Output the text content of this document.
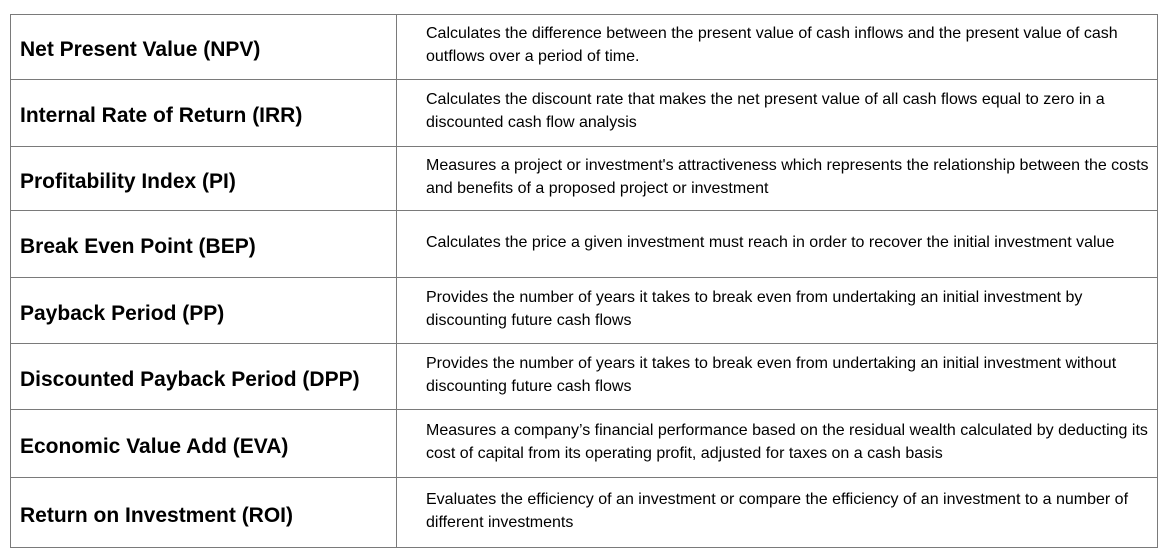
Net Present Value (NPV)	Calculates the difference between the present value of cash inflows and the present value of cash outflows over a period of time.
Internal Rate of Return (IRR)	Calculates the discount rate that makes the net present value of all cash flows equal to zero in a discounted cash flow analysis
Profitability Index (PI)	Measures a project or investment's attractiveness which represents the relationship between the costs and benefits of a proposed project or investment
Break Even Point (BEP)	Calculates the price a given investment must reach in order to recover the initial investment value
Payback Period (PP)	Provides the number of years it takes to break even from undertaking an initial investment by discounting future cash flows
Discounted Payback Period (DPP)	Provides the number of years it takes to break even from undertaking an initial investment without discounting future cash flows
Economic Value Add (EVA)	Measures a company’s financial performance based on the residual wealth calculated by deducting its cost of capital from its operating profit, adjusted for taxes on a cash basis
Return on Investment (ROI)	Evaluates the efficiency of an investment or compare the efficiency of an investment to a number of different investments
